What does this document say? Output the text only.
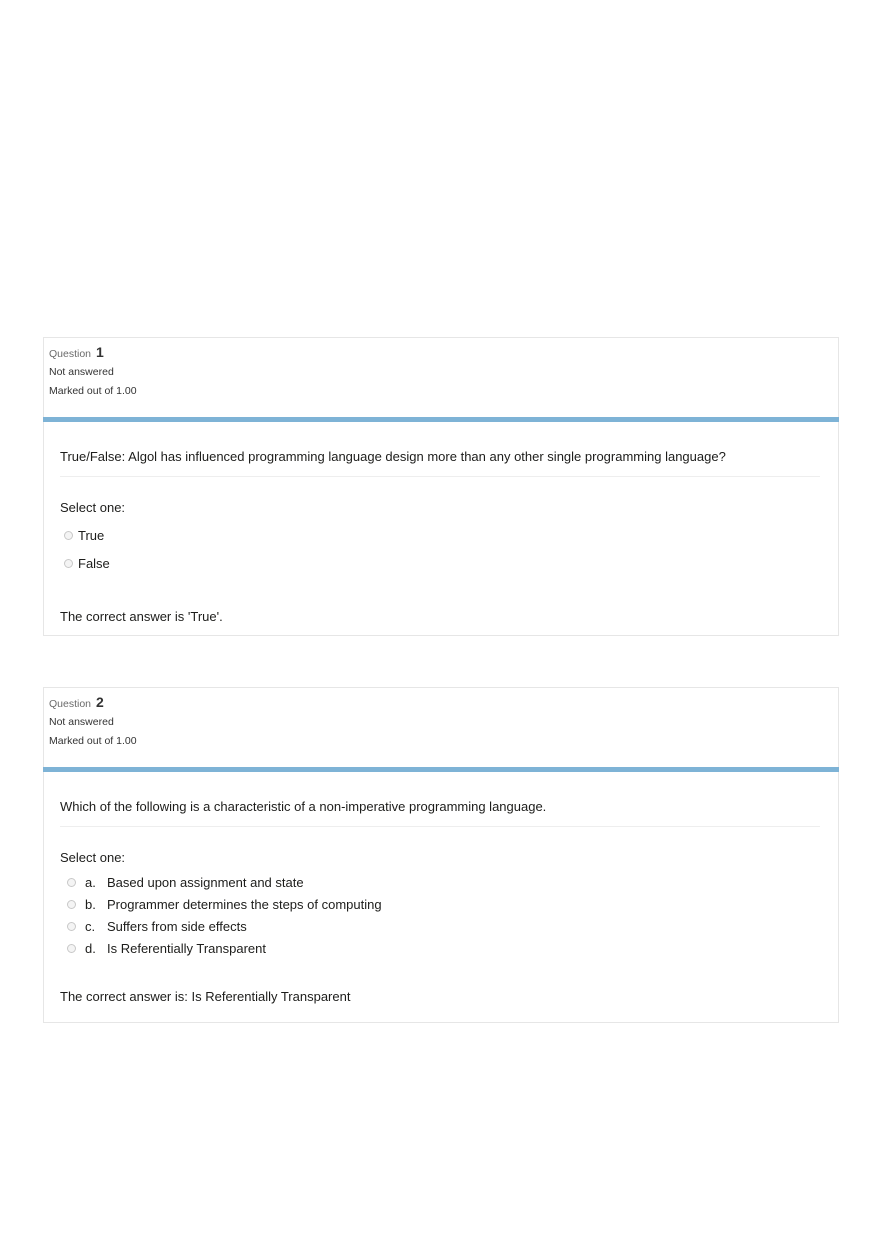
Question 1
Not answered
Marked out of 1.00
True/False: Algol has influenced programming language design more than any other single programming language?
Select one:
True
False
The correct answer is 'True'.
Question 2
Not answered
Marked out of 1.00
Which of the following is a characteristic of a non-imperative programming language.
Select one:
a. Based upon assignment and state
b. Programmer determines the steps of computing
c. Suffers from side effects
d. Is Referentially Transparent
The correct answer is: Is Referentially Transparent
